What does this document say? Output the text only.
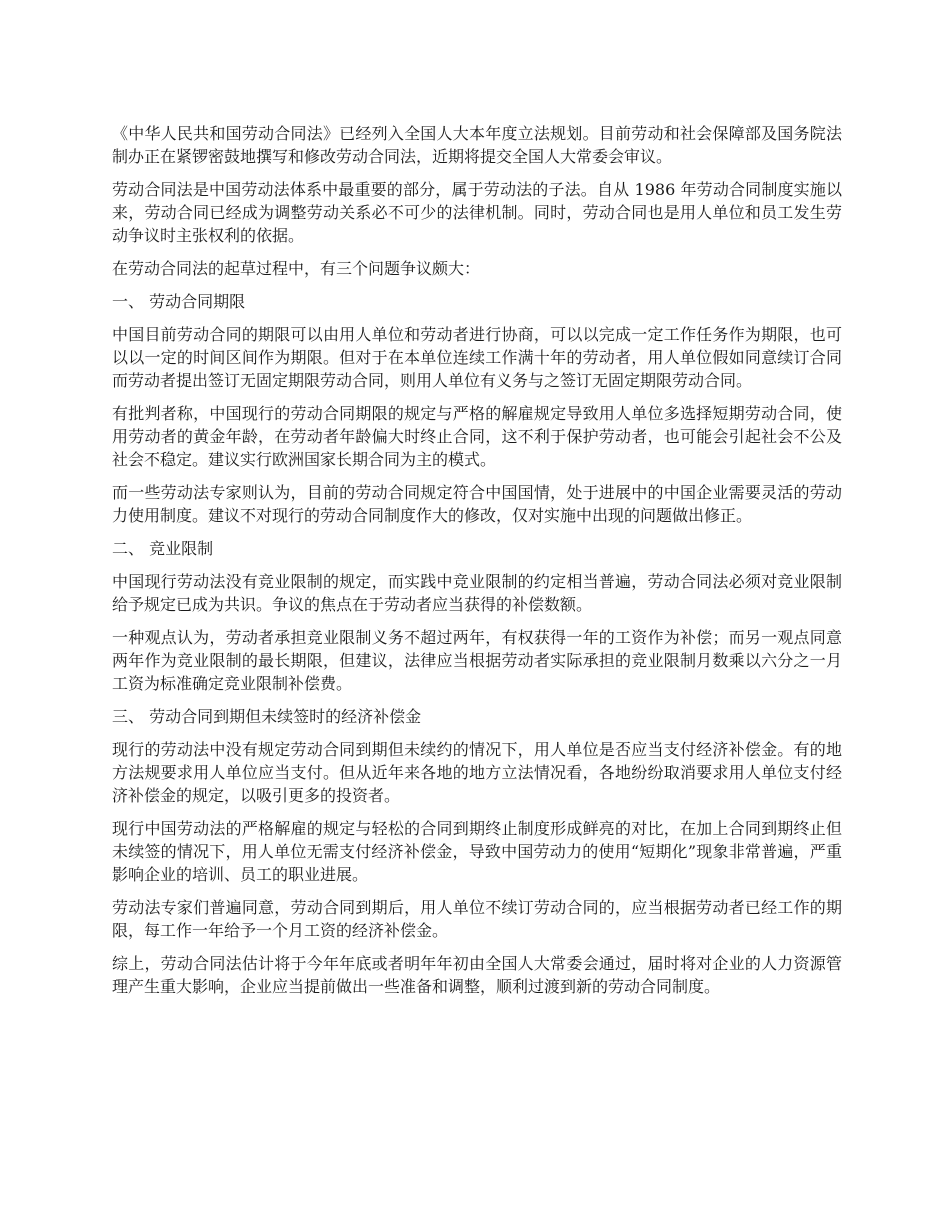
《中华人民共和国劳动合同法》已经列入全国人大本年度立法规划。目前劳动和社会保障部及国务院法制办正在紧锣密鼓地撰写和修改劳动合同法，近期将提交全国人大常委会审议。

劳动合同法是中国劳动法体系中最重要的部分，属于劳动法的子法。自从 1986 年劳动合同制度实施以来，劳动合同已经成为调整劳动关系必不可少的法律机制。同时，劳动合同也是用人单位和员工发生劳动争议时主张权利的依据。

在劳动合同法的起草过程中，有三个问题争议颇大：

一、 劳动合同期限

中国目前劳动合同的期限可以由用人单位和劳动者进行协商，可以以完成一定工作任务作为期限，也可以以一定的时间区间作为期限。但对于在本单位连续工作满十年的劳动者，用人单位假如同意续订合同而劳动者提出签订无固定期限劳动合同，则用人单位有义务与之签订无固定期限劳动合同。

有批判者称，中国现行的劳动合同期限的规定与严格的解雇规定导致用人单位多选择短期劳动合同，使用劳动者的黄金年龄，在劳动者年龄偏大时终止合同，这不利于保护劳动者，也可能会引起社会不公及社会不稳定。建议实行欧洲国家长期合同为主的模式。

而一些劳动法专家则认为，目前的劳动合同规定符合中国国情，处于进展中的中国企业需要灵活的劳动力使用制度。建议不对现行的劳动合同制度作大的修改，仅对实施中出现的问题做出修正。

二、 竞业限制

中国现行劳动法没有竞业限制的规定，而实践中竞业限制的约定相当普遍，劳动合同法必须对竞业限制给予规定已成为共识。争议的焦点在于劳动者应当获得的补偿数额。

一种观点认为，劳动者承担竞业限制义务不超过两年，有权获得一年的工资作为补偿；而另一观点同意两年作为竞业限制的最长期限，但建议，法律应当根据劳动者实际承担的竞业限制月数乘以六分之一月工资为标准确定竞业限制补偿费。

三、 劳动合同到期但未续签时的经济补偿金

现行的劳动法中没有规定劳动合同到期但未续约的情况下，用人单位是否应当支付经济补偿金。有的地方法规要求用人单位应当支付。但从近年来各地的地方立法情况看，各地纷纷取消要求用人单位支付经济补偿金的规定，以吸引更多的投资者。

现行中国劳动法的严格解雇的规定与轻松的合同到期终止制度形成鲜亮的对比，在加上合同到期终止但未续签的情况下，用人单位无需支付经济补偿金，导致中国劳动力的使用“短期化”现象非常普遍，严重影响企业的培训、员工的职业进展。

劳动法专家们普遍同意，劳动合同到期后，用人单位不续订劳动合同的，应当根据劳动者已经工作的期限，每工作一年给予一个月工资的经济补偿金。

综上，劳动合同法估计将于今年年底或者明年年初由全国人大常委会通过，届时将对企业的人力资源管理产生重大影响，企业应当提前做出一些准备和调整，顺利过渡到新的劳动合同制度。
